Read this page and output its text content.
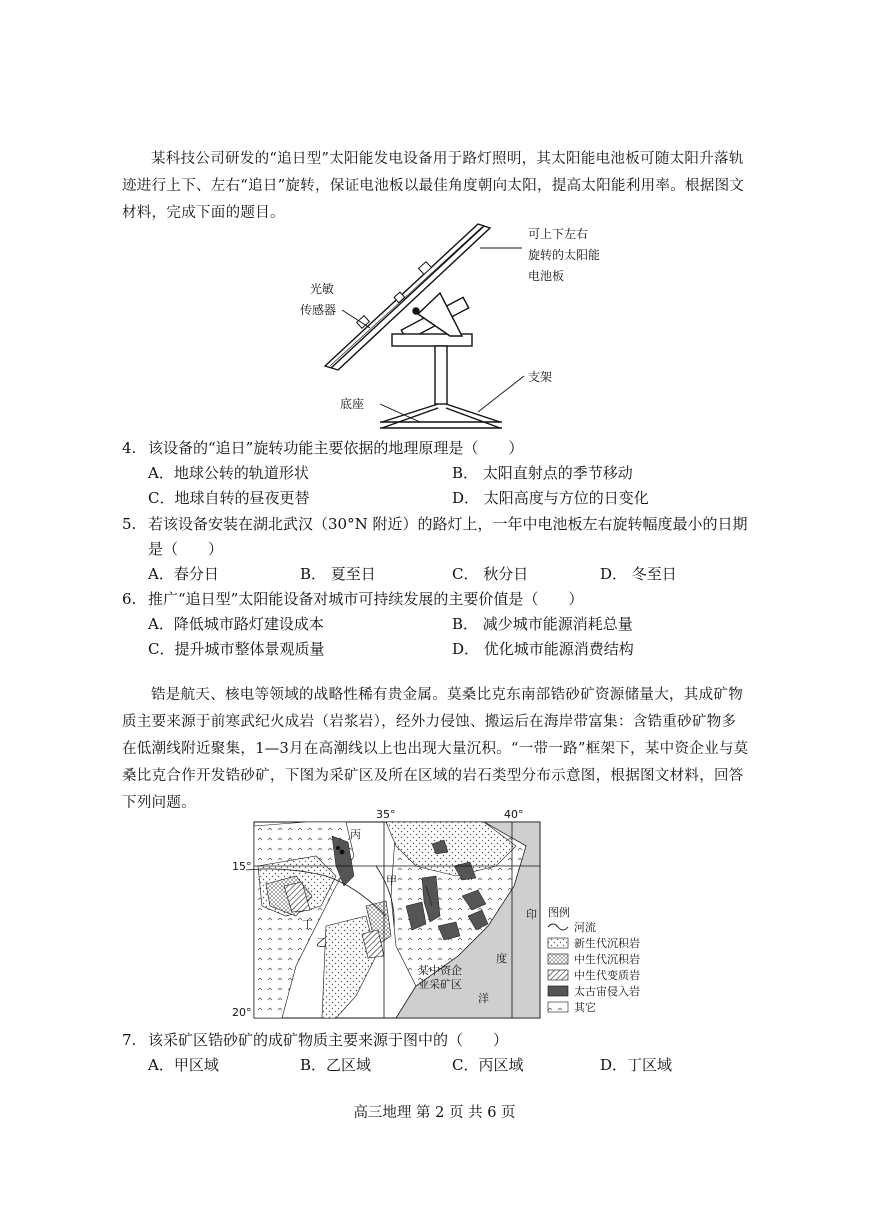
某科技公司研发的“追日型”太阳能发电设备用于路灯照明，其太阳能电池板可随太阳升落轨迹进行上下、左右“追日”旋转，保证电池板以最佳角度朝向太阳，提高太阳能利用率。根据图文材料，完成下面的题目。
可上下左右
旋转的太阳能
电池板
光敏
传感器
支架
底座
4. 该设备的“追日”旋转功能主要依据的地理原理是（　　）
A．地球公转的轨道形状	B． 太阳直射点的季节移动
C．地球自转的昼夜更替	D． 太阳高度与方位的日变化
5. 若该设备安装在湖北武汉（30°N 附近）的路灯上，一年中电池板左右旋转幅度最小的日期
是（　　）
A．春分日	B． 夏至日	C． 秋分日	D． 冬至日
6. 推广“追日型”太阳能设备对城市可持续发展的主要价值是（　　）
A．降低城市路灯建设成本	B． 减少城市能源消耗总量
C．提升城市整体景观质量	D． 优化城市能源消费结构
锆是航天、核电等领域的战略性稀有贵金属。莫桑比克东南部锆砂矿资源储量大，其成矿物质主要来源于前寒武纪火成岩（岩浆岩），经外力侵蚀、搬运后在海岸带富集：含锆重砂矿物多在低潮线附近聚集，1—3月在高潮线以上也出现大量沉积。“一带一路”框架下，某中资企业与莫桑比克合作开发锆砂矿，下图为采矿区及所在区域的岩石类型分布示意图，根据图文材料，回答下列问题。
35°	40°
15°
20°
丙
甲
丁
乙
印
度
洋
某中资企
业采矿区
图例
河流
新生代沉积岩
中生代沉积岩
中生代变质岩
太古宙侵入岩
其它
7. 该采矿区锆砂矿的成矿物质主要来源于图中的（　　）
A．甲区域	B．乙区域	C．丙区域	D．丁区域
高三地理 第 2 页 共 6 页
